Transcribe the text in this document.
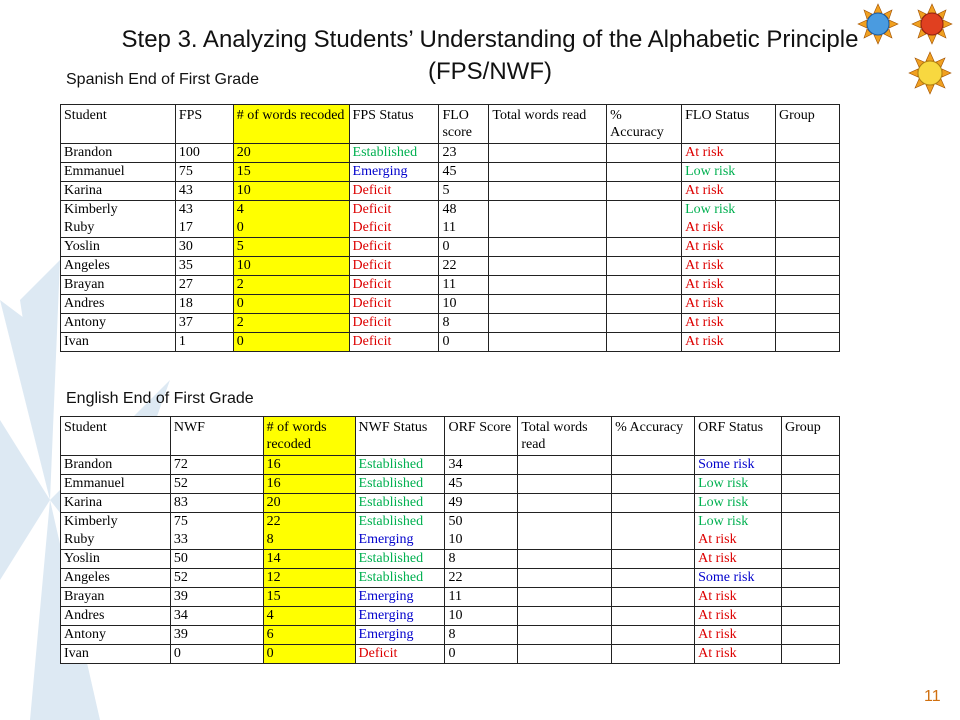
Step 3. Analyzing Students’ Understanding of the Alphabetic Principle
(FPS/NWF)
Spanish End of First Grade
Student	FPS	# of words recoded	FPS Status	FLO score	Total words read	% Accuracy	FLO Status	Group
Brandon	100	20	Established	23			At risk	
Emmanuel	75	15	Emerging	45			Low risk	
Karina	43	10	Deficit	5			At risk	
Kimberly	43	4	Deficit	48			Low risk	
Ruby	17	0	Deficit	11			At risk	
Yoslin	30	5	Deficit	0			At risk	
Angeles	35	10	Deficit	22			At risk	
Brayan	27	2	Deficit	11			At risk	
Andres	18	0	Deficit	10			At risk	
Antony	37	2	Deficit	8			At risk	
Ivan	1	0	Deficit	0			At risk	
English End of First Grade
Student	NWF	# of words recoded	NWF Status	ORF Score	Total words read	% Accuracy	ORF Status	Group
Brandon	72	16	Established	34			Some risk	
Emmanuel	52	16	Established	45			Low risk	
Karina	83	20	Established	49			Low risk	
Kimberly	75	22	Established	50			Low risk	
Ruby	33	8	Emerging	10			At risk	
Yoslin	50	14	Established	8			At risk	
Angeles	52	12	Established	22			Some risk	
Brayan	39	15	Emerging	11			At risk	
Andres	34	4	Emerging	10			At risk	
Antony	39	6	Emerging	8			At risk	
Ivan	0	0	Deficit	0			At risk	
11
